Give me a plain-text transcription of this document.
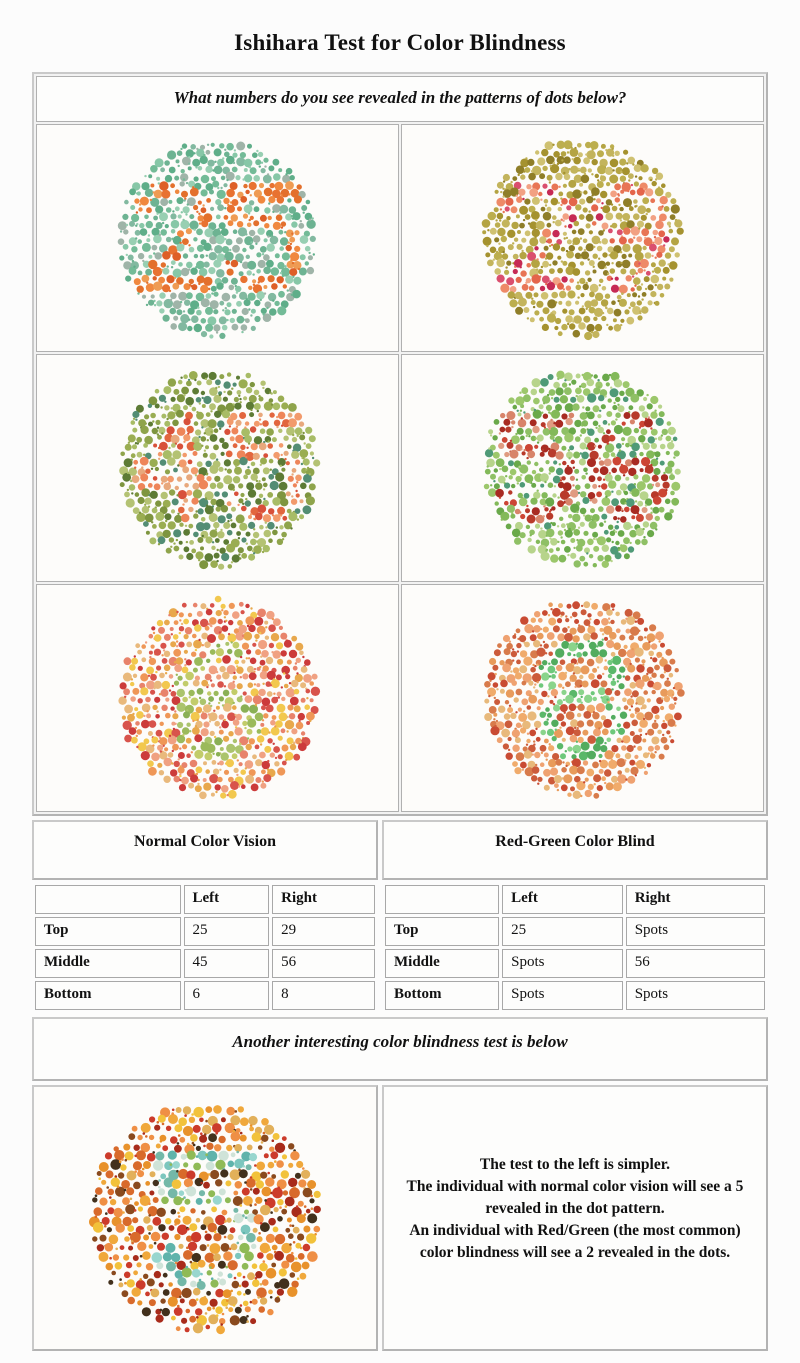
Ishihara Test for Color Blindness
What numbers do you see revealed in the patterns of dots below?
Normal Color Vision	Red-Green Color Blind
	Left	Right
Top	25	29
Middle	45	56
Bottom	6	8
	Left	Right
Top	25	Spots
Middle	Spots	56
Bottom	Spots	Spots
Another interesting color blindness test is below
The test to the left is simpler.
The individual with normal color vision will see a 5 revealed in the dot pattern.
An individual with Red/Green (the most common) color blindness will see a 2 revealed in the dots.
